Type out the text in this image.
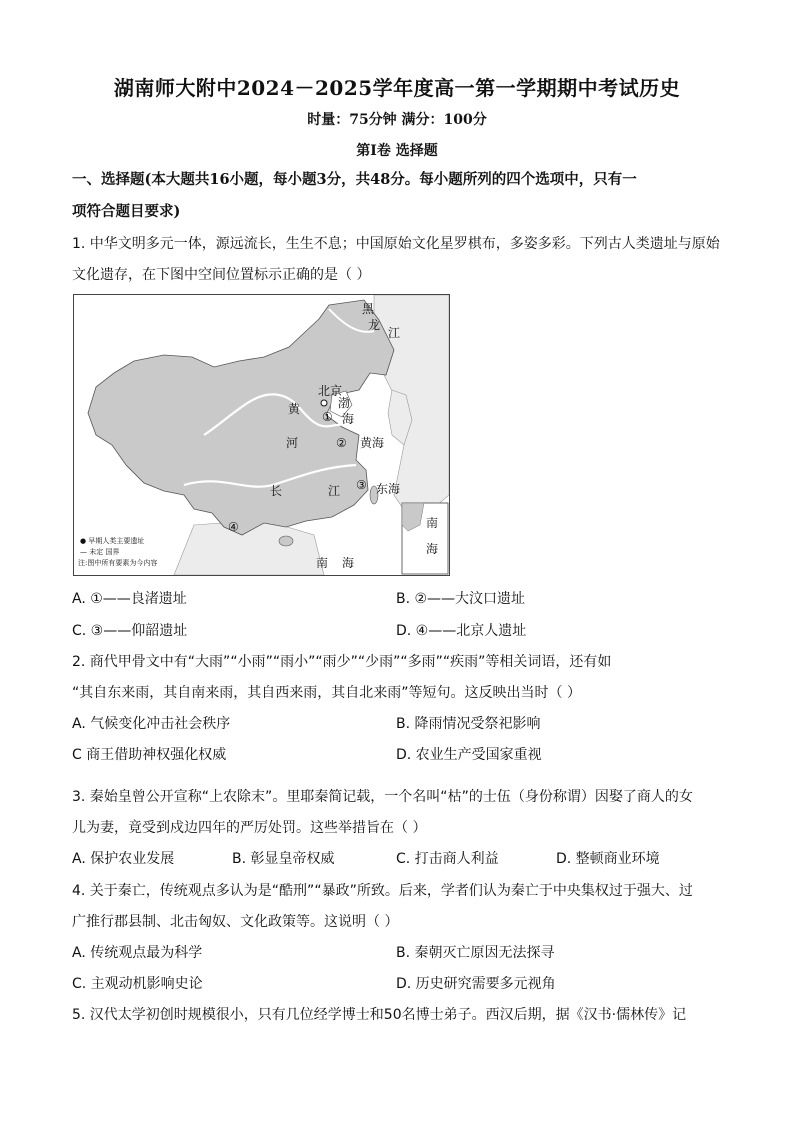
湖南师大附中2024－2025学年度高一第一学期期中考试历史
时量：75分钟 满分：100分
第Ⅰ卷 选择题
一、选择题(本大题共16小题，每小题3分，共48分。每小题所列的四个选项中，只有一
项符合题目要求)
1. 中华文明多元一体，源远流长，生生不息；中国原始文化星罗棋布，多姿多彩。下列古人类遗址与原始
文化遗存，在下图中空间位置标示正确的是（ ）
黑
龙
江
北京
渤
海
黄
河	黄海
长	江	东海
南 海
南
海
①
②
③
④
● 早期人类主要遗址
— 未定 国界
注:图中所有要素为今内容
A. ①——良渚遗址	B. ②——大汶口遗址
C. ③——仰韶遗址	D. ④——北京人遗址
2. 商代甲骨文中有“大雨”“小雨”“雨小”“雨少”“少雨”“多雨”“疾雨”等相关词语，还有如
“其自东来雨，其自南来雨，其自西来雨，其自北来雨”等短句。这反映出当时（ ）
A. 气候变化冲击社会秩序	B. 降雨情况受祭祀影响
C 商王借助神权强化权威	D. 农业生产受国家重视
3. 秦始皇曾公开宣称“上农除末”。里耶秦简记载，一个名叫“枯”的士伍（身份称谓）因娶了商人的女
儿为妻，竟受到戍边四年的严厉处罚。这些举措旨在（ ）
A. 保护农业发展	B. 彰显皇帝权威	C. 打击商人利益	D. 整顿商业环境
4. 关于秦亡，传统观点多认为是“酷刑”“暴政”所致。后来，学者们认为秦亡于中央集权过于强大、过
广推行郡县制、北击匈奴、文化政策等。这说明（ ）
A. 传统观点最为科学	B. 秦朝灭亡原因无法探寻
C. 主观动机影响史论	D. 历史研究需要多元视角
5. 汉代太学初创时规模很小，只有几位经学博士和50名博士弟子。西汉后期，据《汉书·儒林传》记
